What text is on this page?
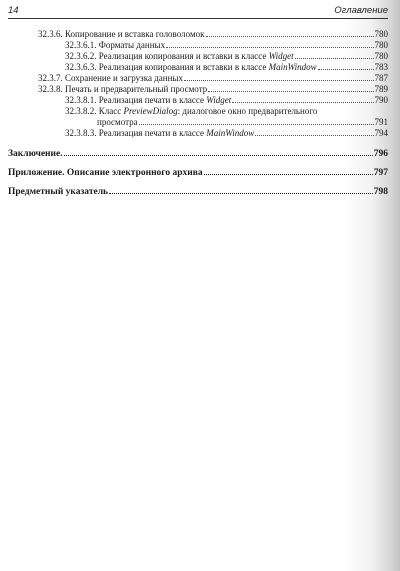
14	Оглавление
32.3.6. Копирование и вставка головоломок	780
32.3.6.1. Форматы данных	780
32.3.6.2. Реализация копирования и вставки в классе Widget	780
32.3.6.3. Реализация копирования и вставки в классе MainWindow	783
32.3.7. Сохранение и загрузка данных	787
32.3.8. Печать и предварительный просмотр	789
32.3.8.1. Реализация печати в классе Widget	790
32.3.8.2. Класс PreviewDialog: диалоговое окно предварительного
просмотра	791
32.3.8.3. Реализация печати в классе MainWindow	794
Заключение.	796
Приложение. Описание электронного архива	797
Предметный указатель	798
